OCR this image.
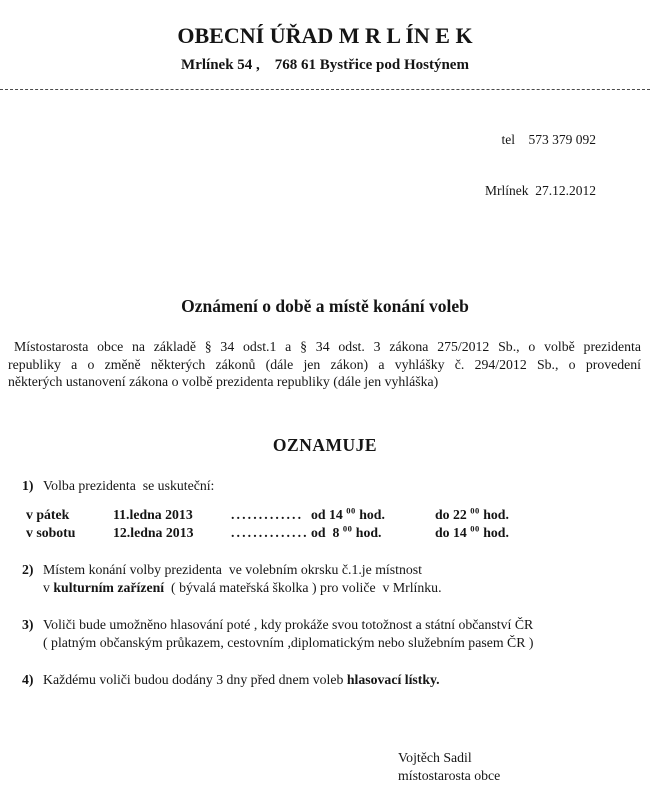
OBECNÍ ÚŘAD M R L ÍN E K
Mrlínek 54 ,    768 61 Bystřice pod Hostýnem

tel    573 379 092

Mrlínek  27.12.2012

Oznámení o době a místě konání voleb
Místostarosta obce na základě § 34 odst.1 a § 34 odst. 3 zákona 275/2012 Sb., o volbě prezidenta
republiky a o změně některých zákonů (dále jen zákon) a vyhlášky č. 294/2012 Sb., o provedení
některých ustanovení zákona o volbě prezidenta republiky (dále jen vyhláška)
OZNAMUJE
1) Volba prezidenta  se uskuteční:
v pátek	11.ledna 2013	............. od 14 $^{00}$ hod.	do 22 $^{00}$ hod.
v sobotu	12.ledna 2013	.............. od  8 $^{00}$ hod.	do 14 $^{00}$ hod.
2) Místem konání volby prezidenta  ve volebním okrsku č.1.je místnost
v kulturním zařízení  ( bývalá mateřská školka ) pro voliče  v Mrlínku.
3) Voliči bude umožněno hlasování poté , kdy prokáže svou totožnost a státní občanství ČR
( platným občanským průkazem, cestovním ,diplomatickým nebo služebním pasem ČR )
4) Každému voliči budou dodány 3 dny před dnem voleb hlasovací lístky.
Vojtěch Sadil
místostarosta obce
